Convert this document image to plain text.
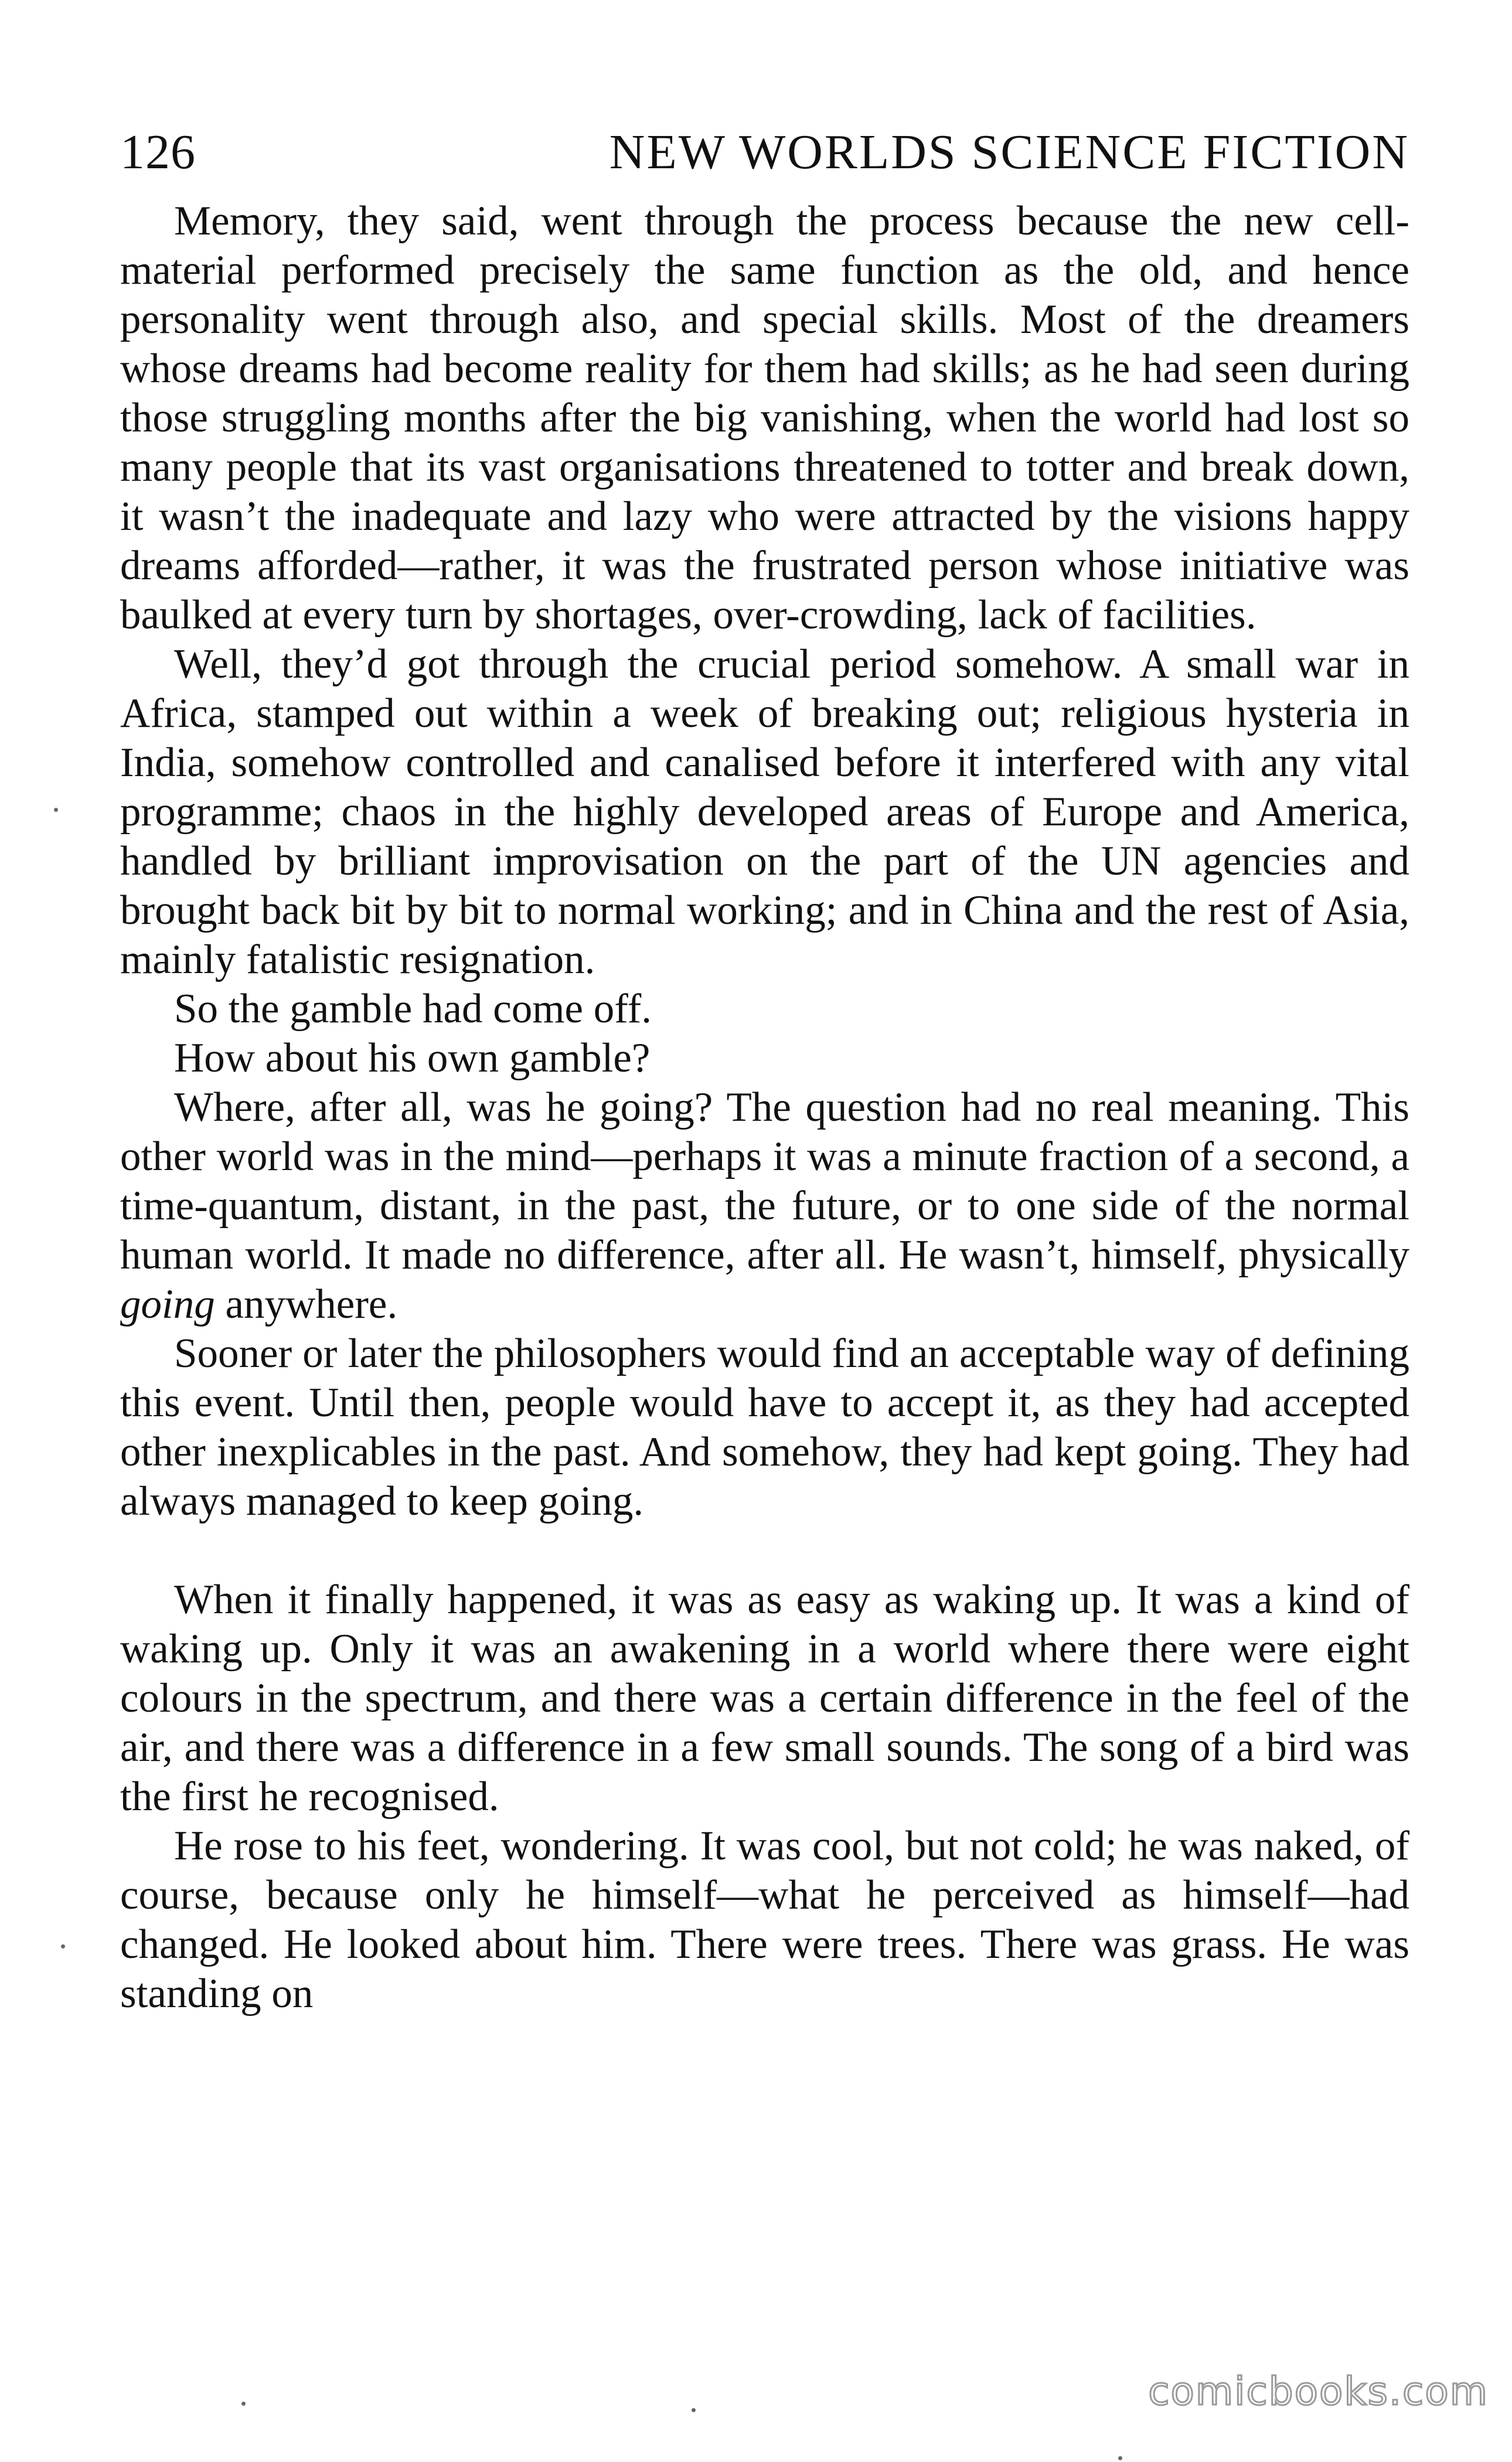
126	NEW WORLDS SCIENCE FICTION

Memory, they said, went through the process because the new cell-material performed precisely the same function as the old, and hence personality went through also, and special skills. Most of the dreamers whose dreams had become reality for them had skills; as he had seen during those struggling months after the big vanishing, when the world had lost so many people that its vast organisations threatened to totter and break down, it wasn’t the inadequate and lazy who were attracted by the visions happy dreams afforded—rather, it was the frustrated person whose initiative was baulked at every turn by shortages, over-crowding, lack of facilities.

Well, they’d got through the crucial period somehow. A small war in Africa, stamped out within a week of breaking out; religious hysteria in India, somehow controlled and canalised before it interfered with any vital programme; chaos in the highly developed areas of Europe and America, handled by brilliant improvisation on the part of the UN agencies and brought back bit by bit to normal working; and in China and the rest of Asia, mainly fatalistic resignation.

So the gamble had come off.

How about his own gamble?

Where, after all, was he going? The question had no real meaning. This other world was in the mind—perhaps it was a minute fraction of a second, a time-quantum, distant, in the past, the future, or to one side of the normal human world. It made no difference, after all. He wasn’t, himself, physically going anywhere.

Sooner or later the philosophers would find an acceptable way of defining this event. Until then, people would have to accept it, as they had accepted other inexplicables in the past. And somehow, they had kept going. They had always managed to keep going.

When it finally happened, it was as easy as waking up. It was a kind of waking up. Only it was an awakening in a world where there were eight colours in the spectrum, and there was a certain difference in the feel of the air, and there was a difference in a few small sounds. The song of a bird was the first he recognised.

He rose to his feet, wondering. It was cool, but not cold; he was naked, of course, because only he himself—what he perceived as himself—had changed. He looked about him. There were trees. There was grass. He was standing on

comicbooks.com
